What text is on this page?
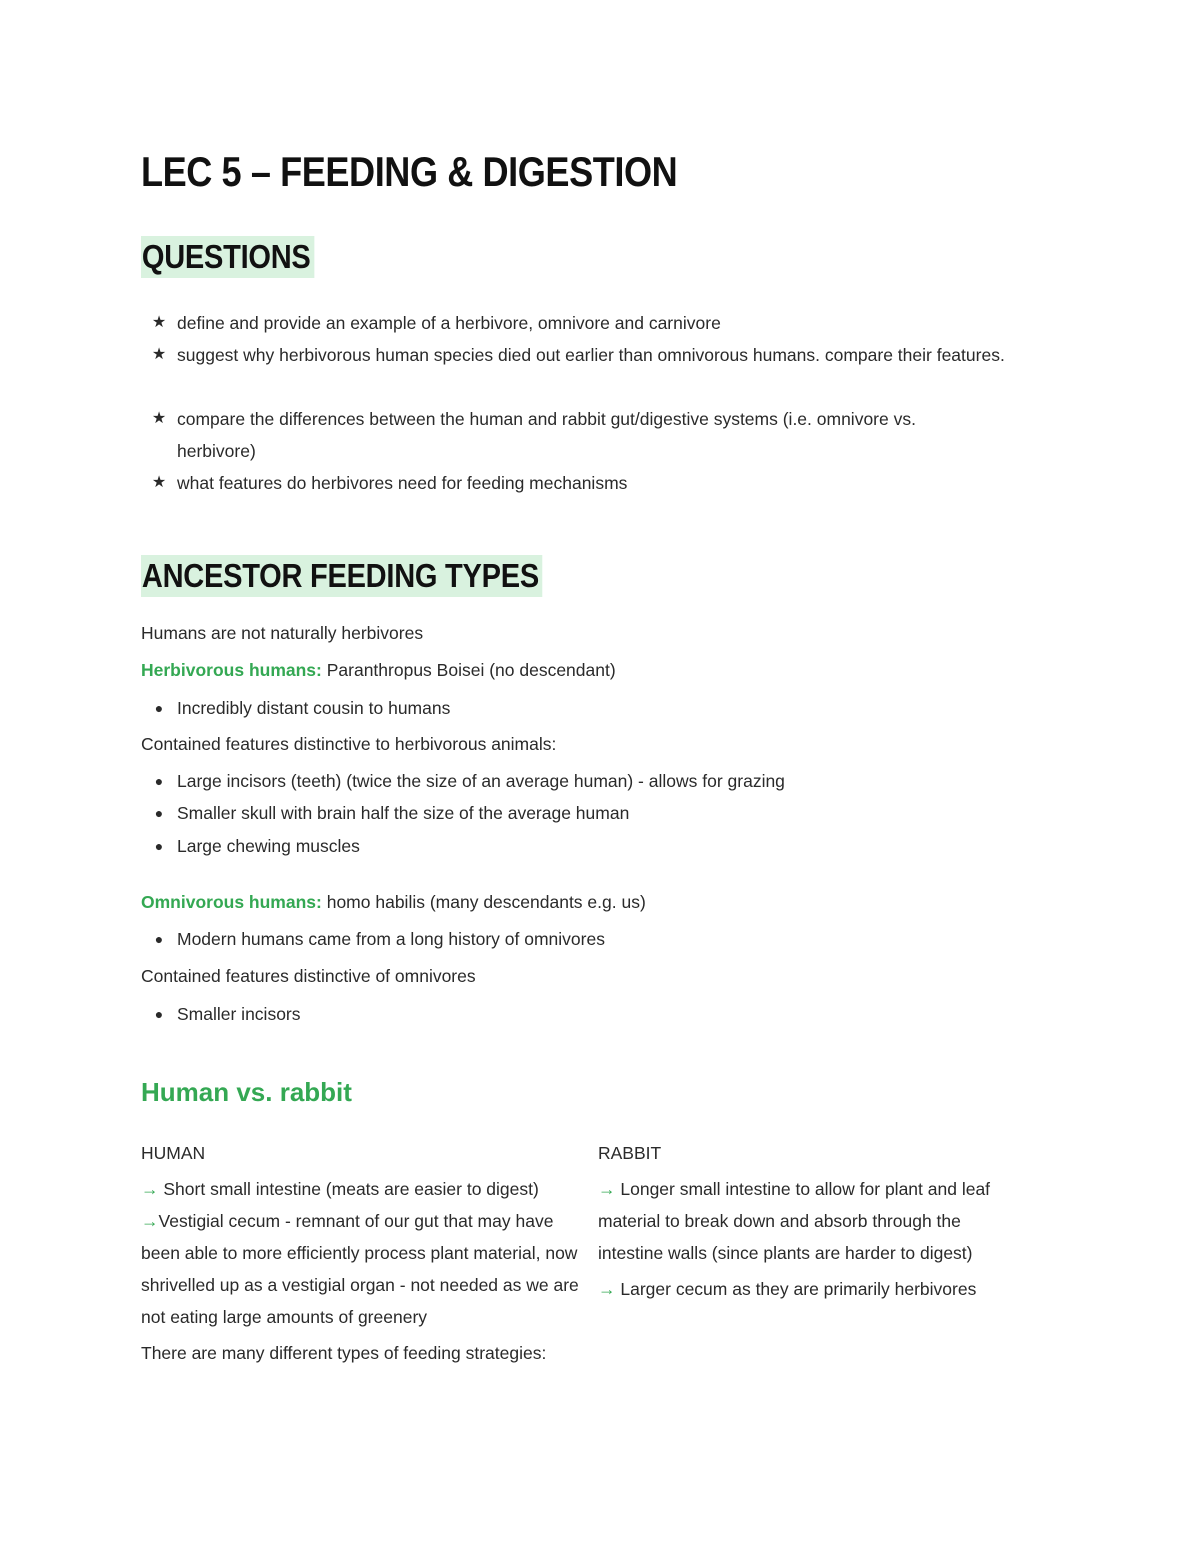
LEC 5 – FEEDING & DIGESTION
QUESTIONS
★ define and provide an example of a herbivore, omnivore and carnivore
★ suggest why herbivorous human species died out earlier than omnivorous humans. compare their features.
★ compare the differences between the human and rabbit gut/digestive systems (i.e. omnivore vs. herbivore)
★ what features do herbivores need for feeding mechanisms
ANCESTOR FEEDING TYPES
Humans are not naturally herbivores
Herbivorous humans: Paranthropus Boisei (no descendant)
● Incredibly distant cousin to humans
Contained features distinctive to herbivorous animals:
● Large incisors (teeth) (twice the size of an average human) - allows for grazing
● Smaller skull with brain half the size of the average human
● Large chewing muscles
Omnivorous humans: homo habilis (many descendants e.g. us)
● Modern humans came from a long history of omnivores
Contained features distinctive of omnivores
● Smaller incisors
Human vs. rabbit
HUMAN
→ Short small intestine (meats are easier to digest)
→Vestigial cecum - remnant of our gut that may have been able to more efficiently process plant material, now shrivelled up as a vestigial organ - not needed as we are not eating large amounts of greenery
There are many different types of feeding strategies:
RABBIT
→ Longer small intestine to allow for plant and leaf material to break down and absorb through the intestine walls (since plants are harder to digest)
→ Larger cecum as they are primarily herbivores
